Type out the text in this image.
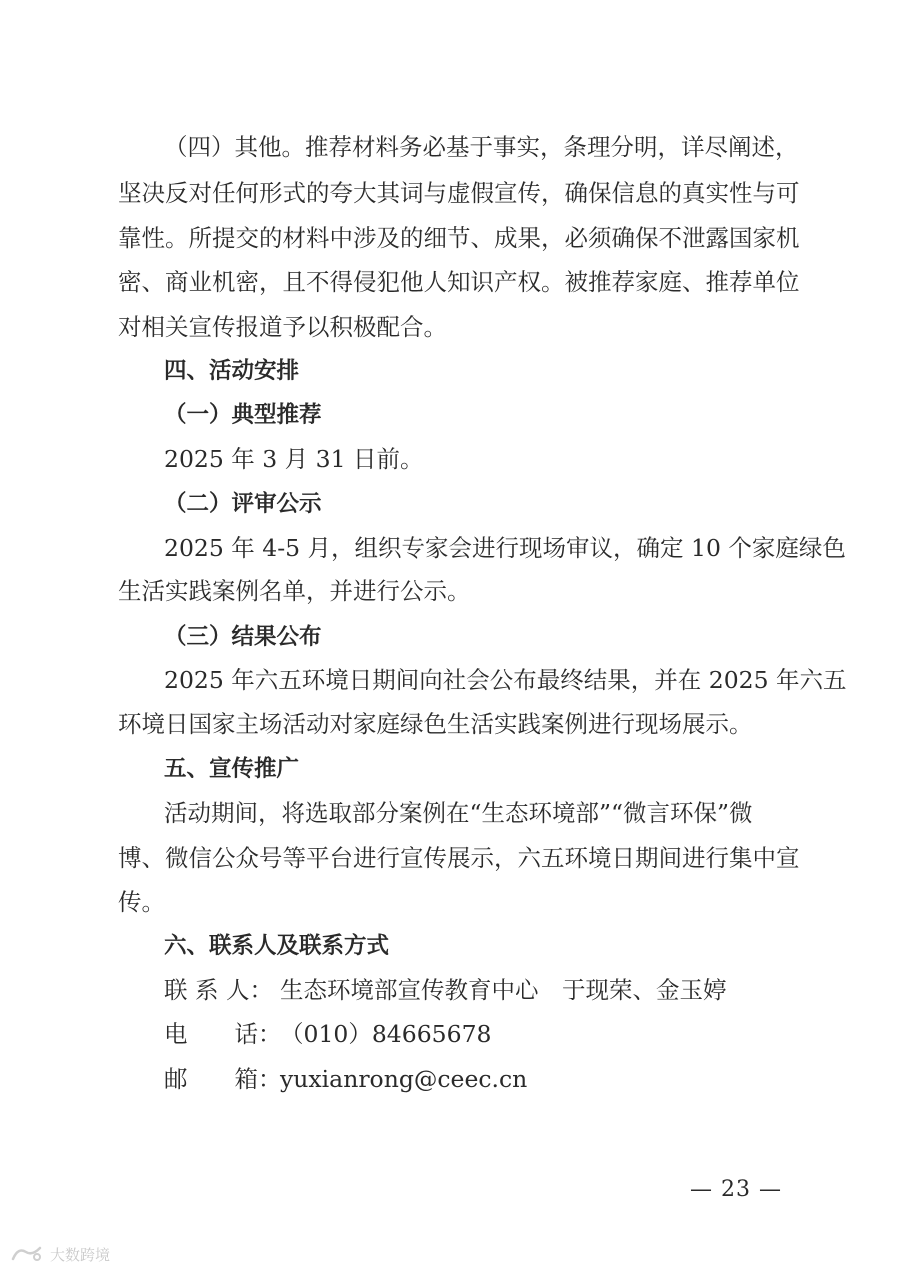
（四）其他。推荐材料务必基于事实，条理分明，详尽阐述，
坚决反对任何形式的夸大其词与虚假宣传，确保信息的真实性与可
靠性。所提交的材料中涉及的细节、成果，必须确保不泄露国家机
密、商业机密，且不得侵犯他人知识产权。被推荐家庭、推荐单位
对相关宣传报道予以积极配合。
四、活动安排
（一）典型推荐
2025 年 3 月 31 日前。
（二）评审公示
2025 年 4-5 月，组织专家会进行现场审议，确定 10 个家庭绿色
生活实践案例名单，并进行公示。
（三）结果公布
2025 年六五环境日期间向社会公布最终结果，并在 2025 年六五
环境日国家主场活动对家庭绿色生活实践案例进行现场展示。
五、宣传推广
活动期间，将选取部分案例在“生态环境部”“微言环保”微
博、微信公众号等平台进行宣传展示，六五环境日期间进行集中宣
传。
六、联系人及联系方式
联 系 人： 生态环境部宣传教育中心　于现荣、金玉婷
电　　话：
（010）84665678
邮　　箱：
yuxianrong@ceec.cn
— 23 —
大数跨境
